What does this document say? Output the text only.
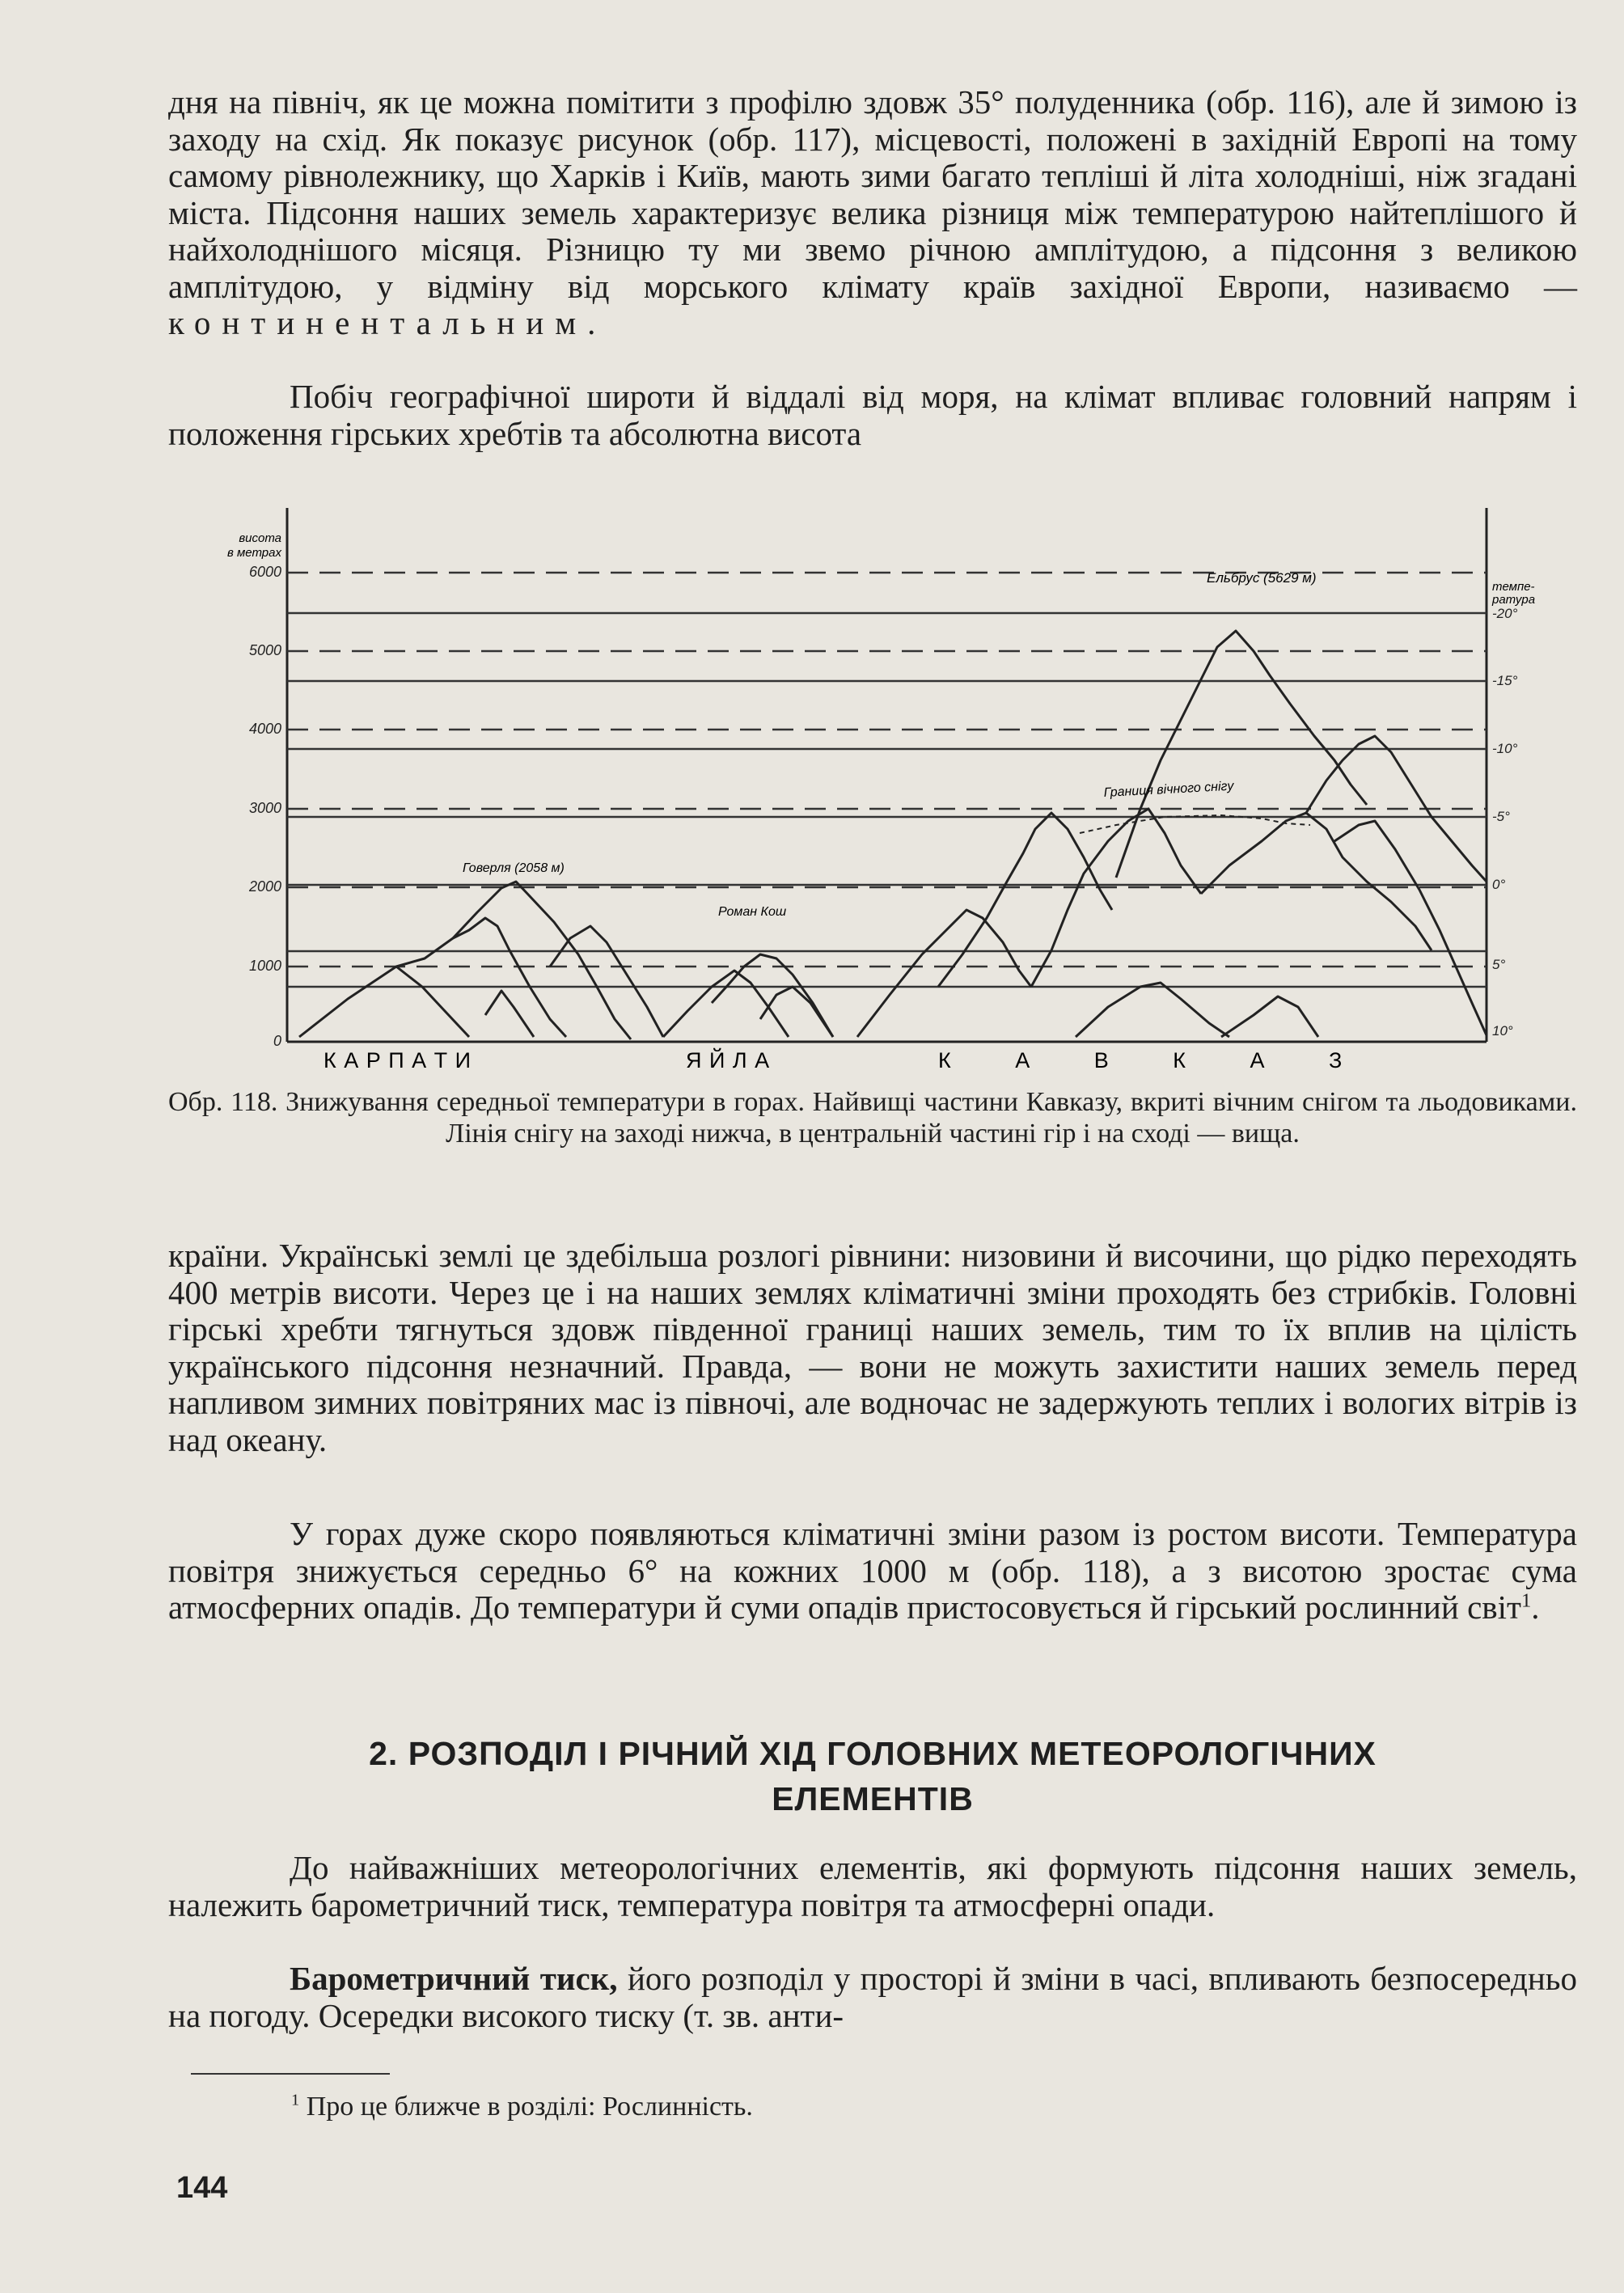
дня на північ, як це можна помітити з профілю здовж 35° полуденника (обр. 116), але й зимою із заходу на схід. Як показує рисунок (обр. 117), місцевості, положені в західній Европі на тому самому рівнолежнику, що Харків і Київ, мають зими багато тепліші й літа холодніші, ніж згадані міста. Підсоння наших земель характеризує велика різниця між температурою найтеплішого й найхолоднішого місяця. Різницю ту ми звемо річною амплітудою, а підсоння з великою амплітудою, у відміну від морського клімату країв західної Европи, називаємо — континентальним.

Побіч географічної широти й віддалі від моря, на клімат впливає головний напрям і положення гірських хребтів та абсолютна висота

0
1000
2000
3000
4000
5000
6000
висота
в метрах
темпе-
ратура
-20°
-15°
-10°
-5°
0°
5°
10°
Говерля (2058 м)
Роман Кош
Ельбрус (5629 м)
Границя вічного снігу
К А Р П А Т И	Я Й Л А	К А В К А З

Обр. 118. Знижування середньої температури в горах. Найвищі частини Кавказу, вкриті вічним снігом та льодовиками. Лінія снігу на заході нижча, в центральній частині гір і на сході — вища.

країни. Українські землі це здебільша розлогі рівнини: низовини й височини, що рідко переходять 400 метрів висоти. Через це і на наших землях кліматичні зміни проходять без стрибків. Головні гірські хребти тягнуться здовж південної границі наших земель, тим то їх вплив на цілість українського підсоння незначний. Правда, — вони не можуть захистити наших земель перед напливом зимних повітряних мас із півночі, але водночас не задержують теплих і вологих вітрів із над океану.

У горах дуже скоро появляються кліматичні зміни разом із ростом висоти. Температура повітря знижується середньо 6° на кожних 1000 м (обр. 118), а з висотою зростає сума атмосферних опадів. До температури й суми опадів пристосовується й гірський рослинний світ$^1$.

2. РОЗПОДІЛ І РІЧНИЙ ХІД ГОЛОВНИХ МЕТЕОРОЛОГІЧНИХ
ЕЛЕМЕНТІВ

До найважніших метеорологічних елементів, які формують підсоння наших земель, належить барометричний тиск, температура повітря та атмосферні опади.

Барометричний тиск, його розподіл у просторі й зміни в часі, впливають безпосередньо на погоду. Осередки високого тиску (т. зв. анти-

$^1$ Про це ближче в розділі: Рослинність.

144
